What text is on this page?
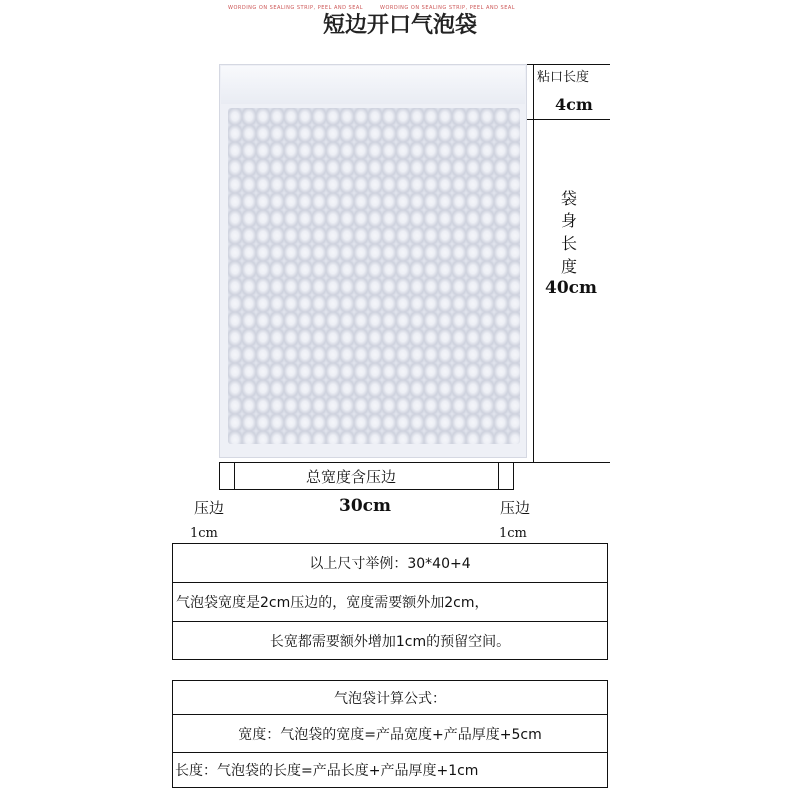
短边开口气泡袋
WORDING ON SEALING STRIP, PEEL AND SEAL	WORDING ON SEALING STRIP, PEEL AND SEAL
粘口长度
4cm
袋
身
长
度
40cm
总宽度含压边
30cm
压边
1cm
压边
1cm
以上尺寸举例：30*40+4
气泡袋宽度是2cm压边的，宽度需要额外加2cm，
长宽都需要额外增加1cm的预留空间。
气泡袋计算公式：
宽度：气泡袋的宽度=产品宽度+产品厚度+5cm
长度：气泡袋的长度=产品长度+产品厚度+1cm
